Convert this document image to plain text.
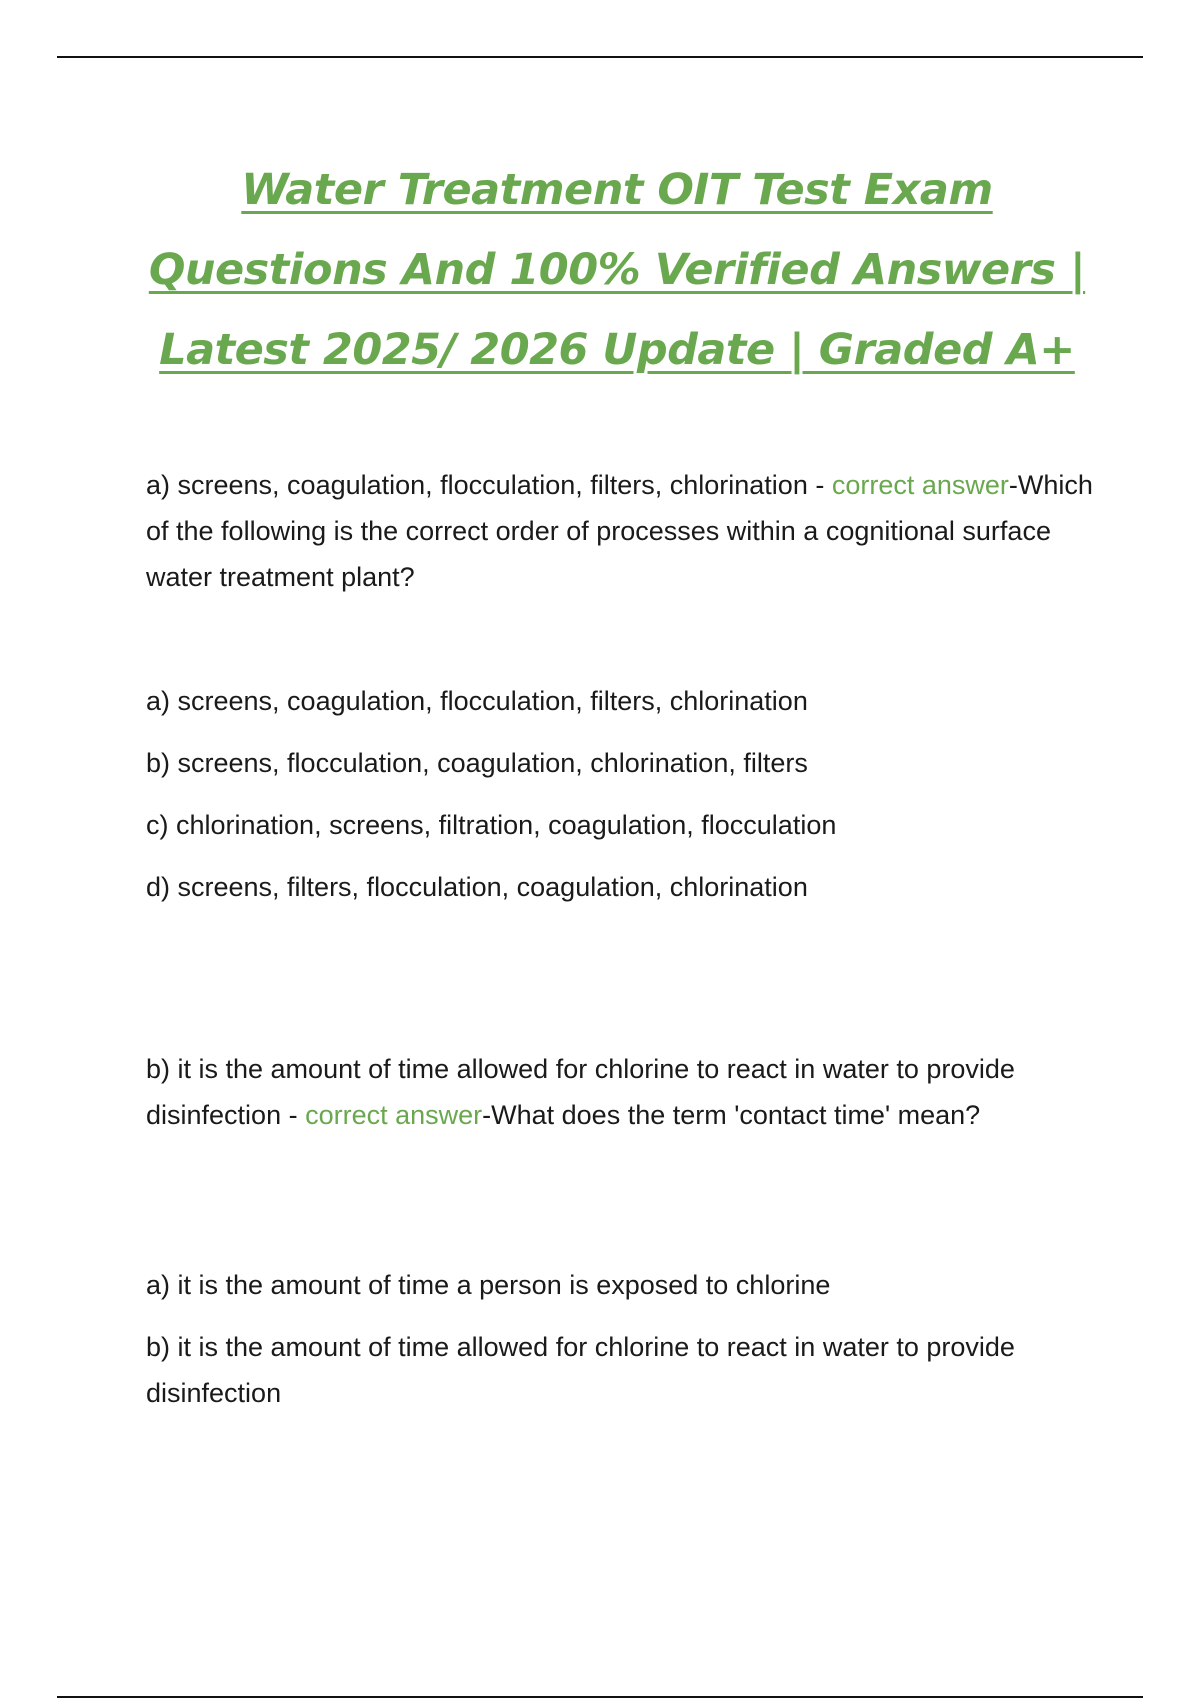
Water Treatment OIT Test Exam
Questions And 100% Verified Answers |
Latest 2025/ 2026 Update | Graded A+

a) screens, coagulation, flocculation, filters, chlorination - correct answer-Which of the following is the correct order of processes within a cognitional surface water treatment plant?

a) screens, coagulation, flocculation, filters, chlorination

b) screens, flocculation, coagulation, chlorination, filters

c) chlorination, screens, filtration, coagulation, flocculation

d) screens, filters, flocculation, coagulation, chlorination

b) it is the amount of time allowed for chlorine to react in water to provide disinfection - correct answer-What does the term 'contact time' mean?

a) it is the amount of time a person is exposed to chlorine

b) it is the amount of time allowed for chlorine to react in water to provide disinfection
